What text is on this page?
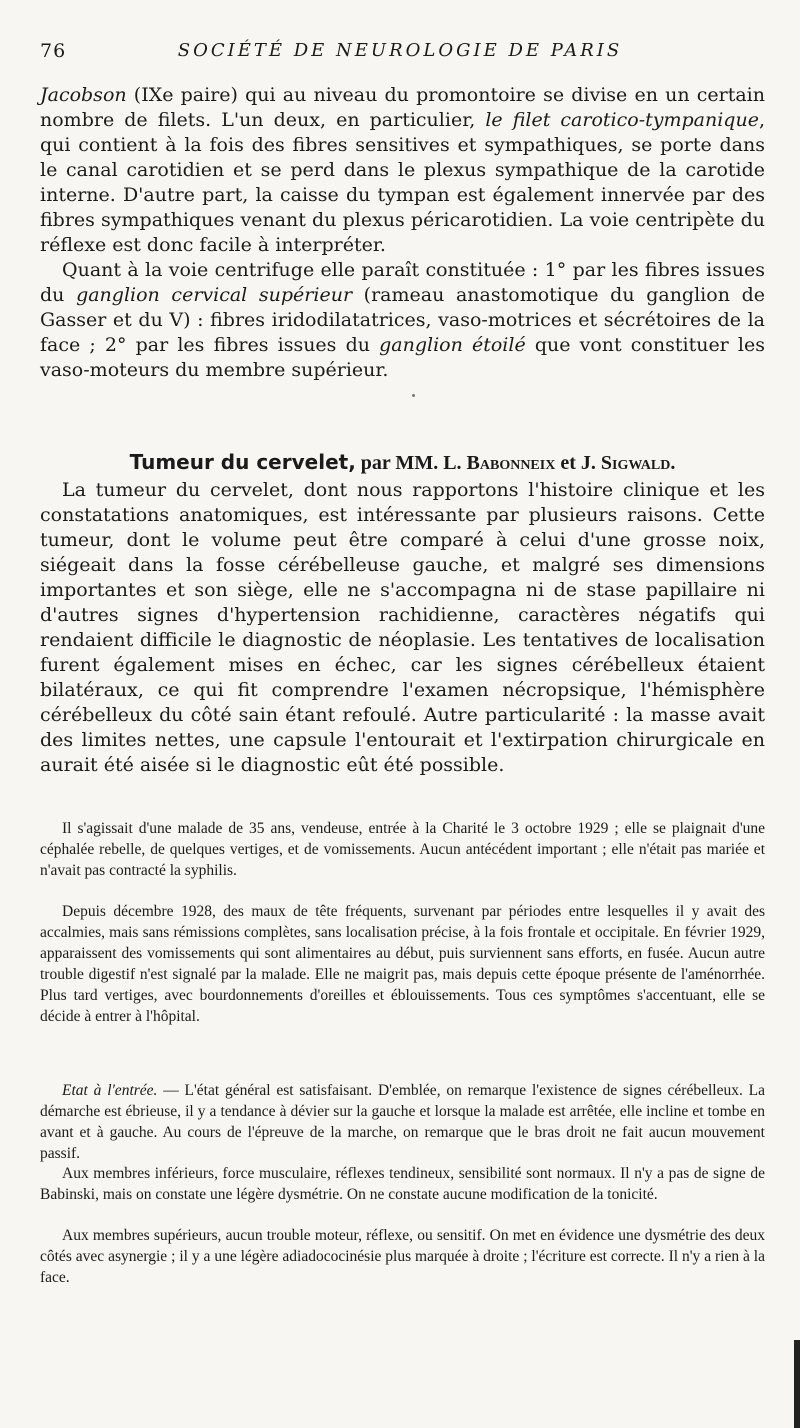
76	SOCIÉTÉ DE NEUROLOGIE DE PARIS

Jacobson (IXe paire) qui au niveau du promontoire se divise en un certain nombre de filets. L'un deux, en particulier, le filet carotico-tympanique, qui contient à la fois des fibres sensitives et sympathiques, se porte dans le canal carotidien et se perd dans le plexus sympathique de la carotide interne. D'autre part, la caisse du tympan est également innervée par des fibres sympathiques venant du plexus péricarotidien. La voie centripète du réflexe est donc facile à interpréter.

Quant à la voie centrifuge elle paraît constituée : 1° par les fibres issues du ganglion cervical supérieur (rameau anastomotique du ganglion de Gasser et du V) : fibres iridodilatatrices, vaso-motrices et sécrétoires de la face ; 2° par les fibres issues du ganglion étoilé que vont constituer les vaso-moteurs du membre supérieur.

Tumeur du cervelet, par MM. L. Babonneix et J. Sigwald.

La tumeur du cervelet, dont nous rapportons l'histoire clinique et les constatations anatomiques, est intéressante par plusieurs raisons. Cette tumeur, dont le volume peut être comparé à celui d'une grosse noix, siégeait dans la fosse cérébelleuse gauche, et malgré ses dimensions importantes et son siège, elle ne s'accompagna ni de stase papillaire ni d'autres signes d'hypertension rachidienne, caractères négatifs qui rendaient difficile le diagnostic de néoplasie. Les tentatives de localisation furent également mises en échec, car les signes cérébelleux étaient bilatéraux, ce qui fit comprendre l'examen nécropsique, l'hémisphère cérébelleux du côté sain étant refoulé. Autre particularité : la masse avait des limites nettes, une capsule l'entourait et l'extirpation chirurgicale en aurait été aisée si le diagnostic eût été possible.

Il s'agissait d'une malade de 35 ans, vendeuse, entrée à la Charité le 3 octobre 1929 ; elle se plaignait d'une céphalée rebelle, de quelques vertiges, et de vomissements. Aucun antécédent important ; elle n'était pas mariée et n'avait pas contracté la syphilis.

Depuis décembre 1928, des maux de tête fréquents, survenant par périodes entre lesquelles il y avait des accalmies, mais sans rémissions complètes, sans localisation précise, à la fois frontale et occipitale. En février 1929, apparaissent des vomissements qui sont alimentaires au début, puis surviennent sans efforts, en fusée. Aucun autre trouble digestif n'est signalé par la malade. Elle ne maigrit pas, mais depuis cette époque présente de l'aménorrhée. Plus tard vertiges, avec bourdonnements d'oreilles et éblouissements. Tous ces symptômes s'accentuant, elle se décide à entrer à l'hôpital.

Etat à l'entrée. — L'état général est satisfaisant. D'emblée, on remarque l'existence de signes cérébelleux. La démarche est ébrieuse, il y a tendance à dévier sur la gauche et lorsque la malade est arrêtée, elle incline et tombe en avant et à gauche. Au cours de l'épreuve de la marche, on remarque que le bras droit ne fait aucun mouvement passif.

Aux membres inférieurs, force musculaire, réflexes tendineux, sensibilité sont normaux. Il n'y a pas de signe de Babinski, mais on constate une légère dysmétrie. On ne constate aucune modification de la tonicité.

Aux membres supérieurs, aucun trouble moteur, réflexe, ou sensitif. On met en évidence une dysmétrie des deux côtés avec asynergie ; il y a une légère adiadococinésie plus marquée à droite ; l'écriture est correcte. Il n'y a rien à la face.
